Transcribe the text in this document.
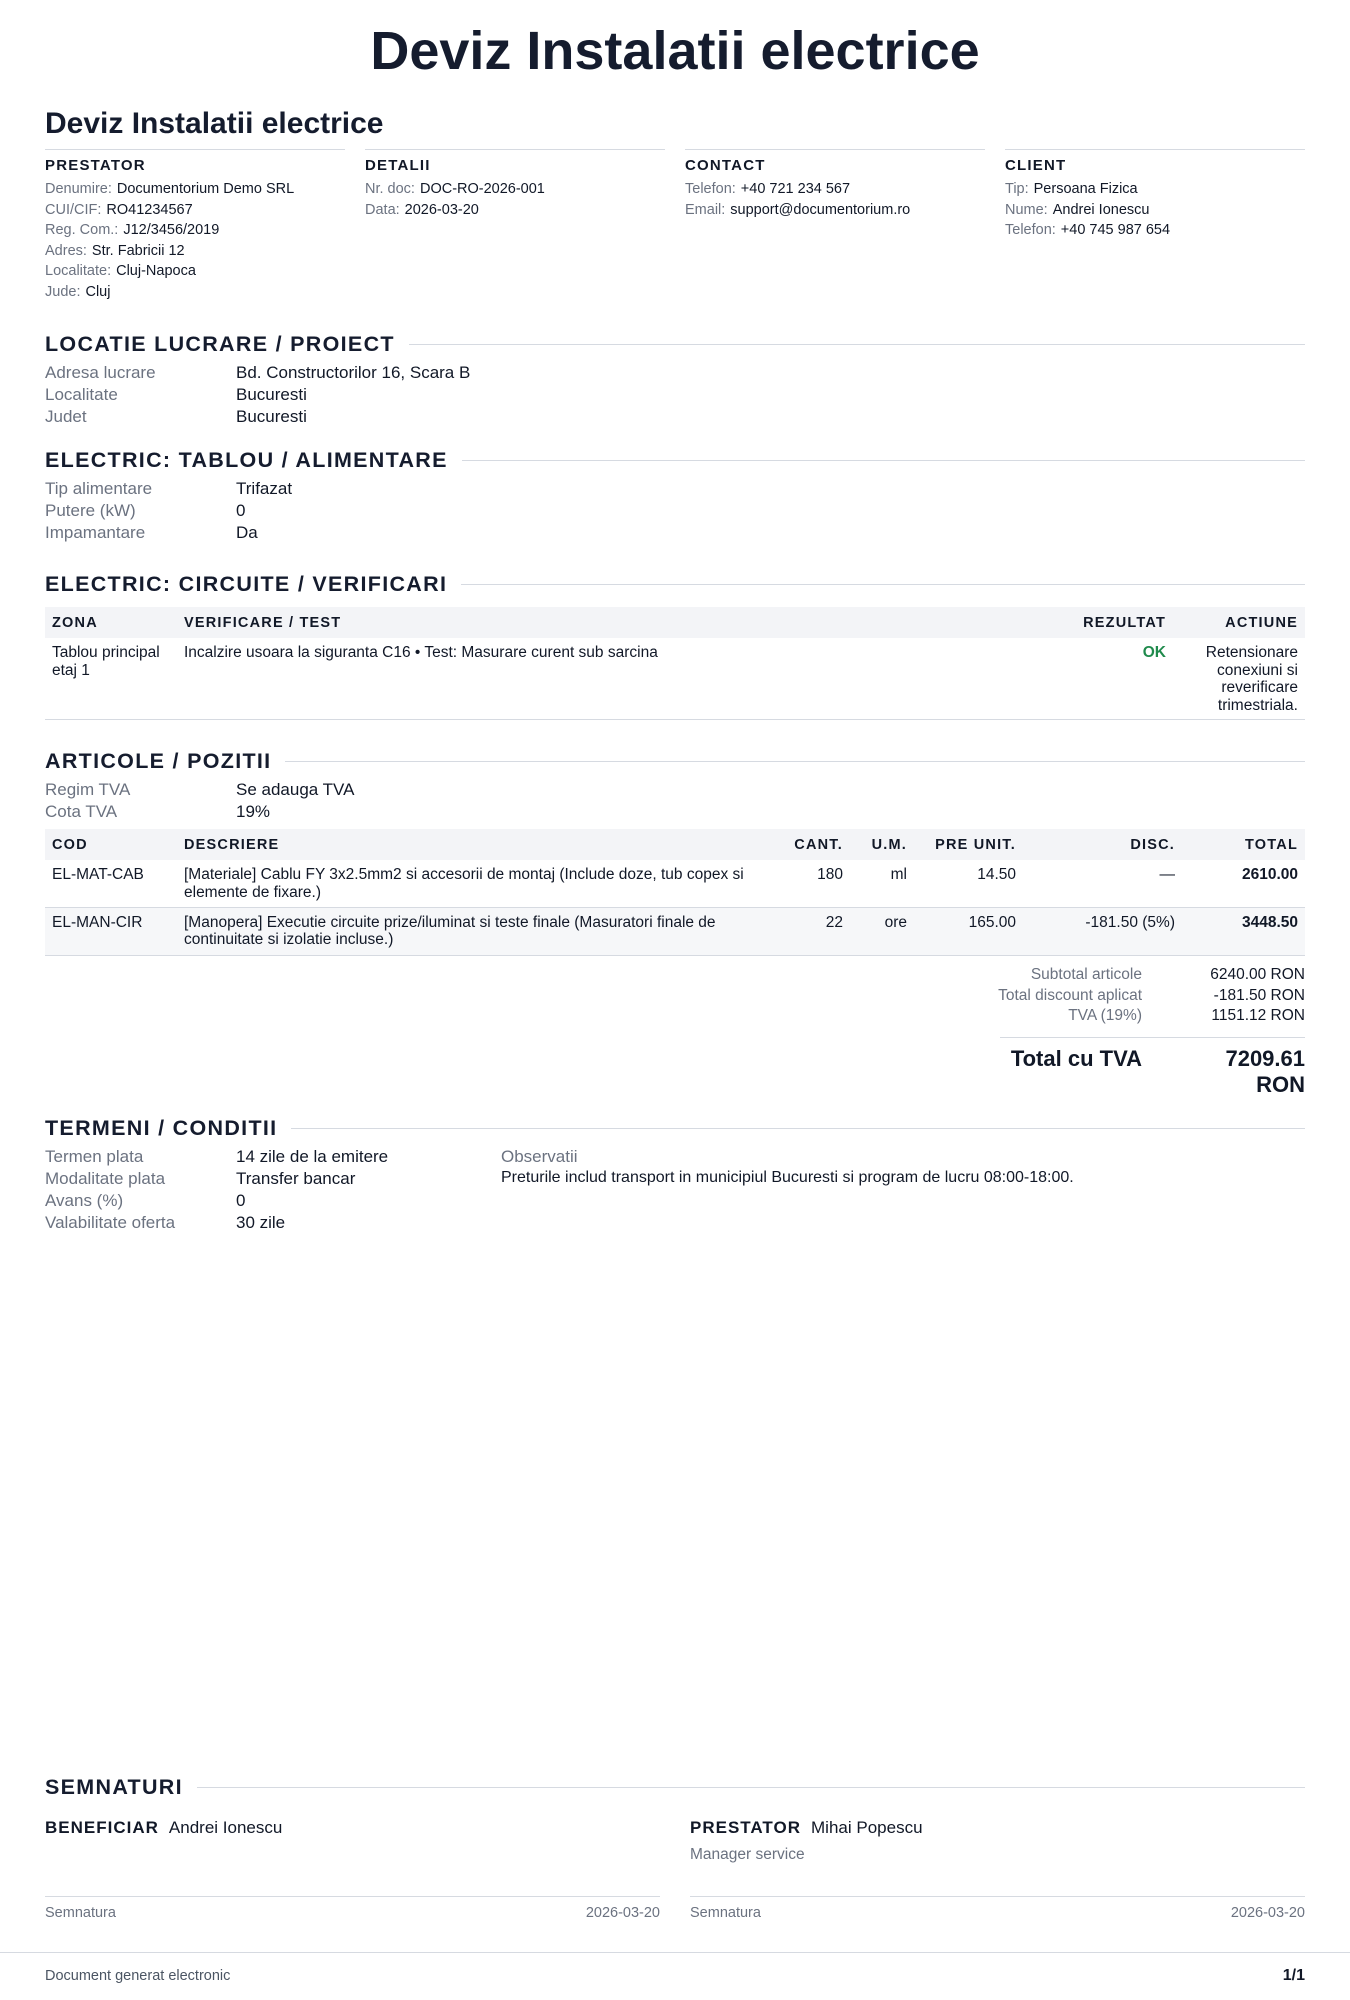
Deviz Instalatii electrice
Deviz Instalatii electrice
PRESTATOR
Denumire: Documentorium Demo SRL
CUI/CIF: RO41234567
Reg. Com.: J12/3456/2019
Adres: Str. Fabricii 12
Localitate: Cluj-Napoca
Jude: Cluj
DETALII
Nr. doc: DOC-RO-2026-001
Data: 2026-03-20
CONTACT
Telefon: +40 721 234 567
Email: support@documentorium.ro
CLIENT
Tip: Persoana Fizica
Nume: Andrei Ionescu
Telefon: +40 745 987 654
LOCATIE LUCRARE / PROIECT
Adresa lucrare	Bd. Constructorilor 16, Scara B
Localitate	Bucuresti
Judet	Bucuresti
ELECTRIC: TABLOU / ALIMENTARE
Tip alimentare	Trifazat
Putere (kW)	0
Impamantare	Da
ELECTRIC: CIRCUITE / VERIFICARI
ZONA	VERIFICARE / TEST	REZULTAT	ACTIUNE
Tablou principal etaj 1	Incalzire usoara la siguranta C16 • Test: Masurare curent sub sarcina	OK	Retensionare conexiuni si reverificare trimestriala.
ARTICOLE / POZITII
Regim TVA	Se adauga TVA
Cota TVA	19%
COD	DESCRIERE	CANT.	U.M.	PRE UNIT.	DISC.	TOTAL
EL-MAT-CAB	[Materiale] Cablu FY 3x2.5mm2 si accesorii de montaj (Include doze, tub copex si elemente de fixare.)	180	ml	14.50	—	2610.00
EL-MAN-CIR	[Manopera] Executie circuite prize/iluminat si teste finale (Masuratori finale de continuitate si izolatie incluse.)	22	ore	165.00	-181.50 (5%)	3448.50
Subtotal articole	6240.00 RON
Total discount aplicat	-181.50 RON
TVA (19%)	1151.12 RON
Total cu TVA	7209.61 RON
TERMENI / CONDITII
Termen plata	14 zile de la emitere
Modalitate plata	Transfer bancar
Avans (%)	0
Valabilitate oferta	30 zile
Observatii
Preturile includ transport in municipiul Bucuresti si program de lucru 08:00-18:00.
SEMNATURI
BENEFICIAR Andrei Ionescu	PRESTATOR Mihai Popescu
Manager service
Semnatura	2026-03-20 Semnatura	2026-03-20
Document generat electronic	1/1
